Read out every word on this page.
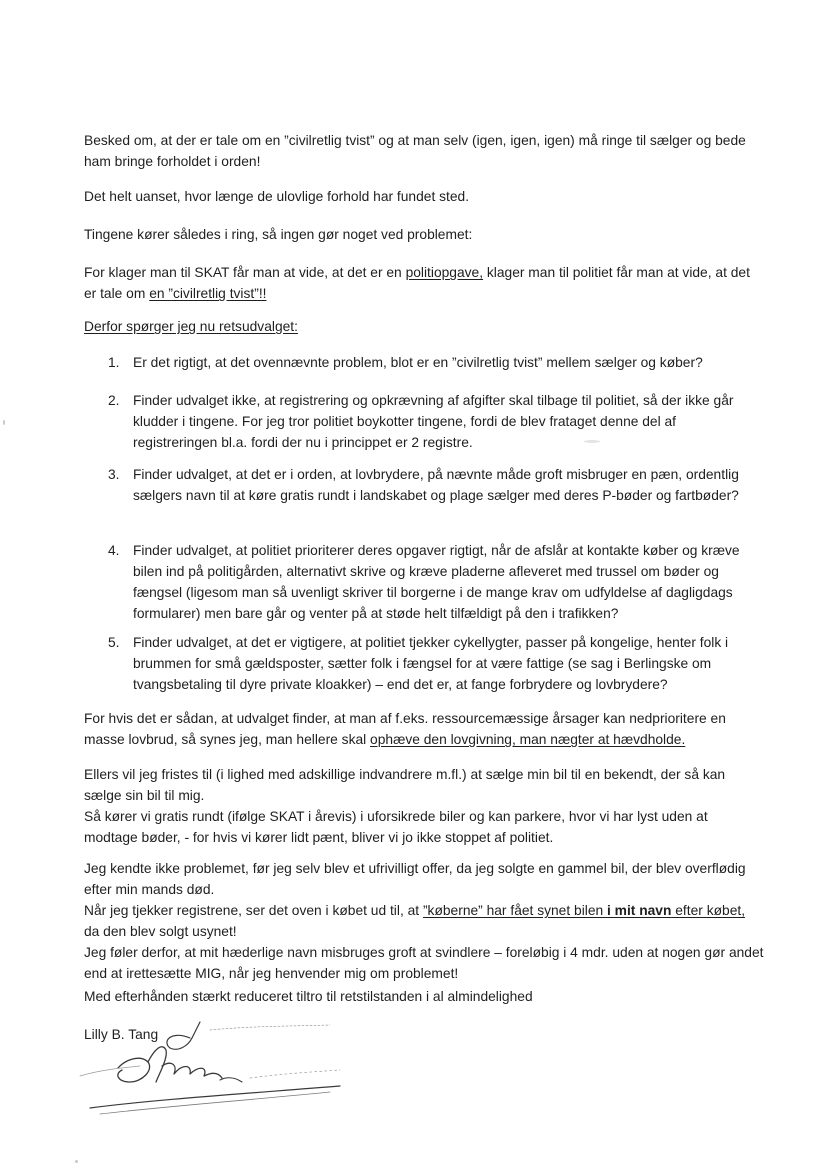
Besked om, at der er tale om en ”civilretlig tvist” og at man selv (igen, igen, igen) må ringe til sælger og bede ham bringe forholdet i orden!

Det helt uanset, hvor længe de ulovlige forhold har fundet sted.

Tingene kører således i ring, så ingen gør noget ved problemet:

For klager man til SKAT får man at vide, at det er en politiopgave, klager man til politiet får man at vide, at det er tale om en ”civilretlig tvist”!!

Derfor spørger jeg nu retsudvalget:

1. Er det rigtigt, at det ovennævnte problem, blot er en ”civilretlig tvist” mellem sælger og køber?
2. Finder udvalget ikke, at registrering og opkrævning af afgifter skal tilbage til politiet, så der ikke går kludder i tingene. For jeg tror politiet boykotter tingene, fordi de blev frataget denne del af registreringen bl.a. fordi der nu i princippet er 2 registre.
3. Finder udvalget, at det er i orden, at lovbrydere, på nævnte måde groft misbruger en pæn, ordentlig sælgers navn til at køre gratis rundt i landskabet og plage sælger med deres P-bøder og fartbøder?
4. Finder udvalget, at politiet prioriterer deres opgaver rigtigt, når de afslår at kontakte køber og kræve bilen ind på politigården, alternativt skrive og kræve pladerne afleveret med trussel om bøder og fængsel (ligesom man så uvenligt skriver til borgerne i de mange krav om udfyldelse af dagligdags formularer) men bare går og venter på at støde helt tilfældigt på den i trafikken?
5. Finder udvalget, at det er vigtigere, at politiet tjekker cykellygter, passer på kongelige, henter folk i brummen for små gældsposter, sætter folk i fængsel for at være fattige (se sag i Berlingske om tvangsbetaling til dyre private kloakker) – end det er, at fange forbrydere og lovbrydere?

For hvis det er sådan, at udvalget finder, at man af f.eks. ressourcemæssige årsager kan nedprioritere en masse lovbrud, så synes jeg, man hellere skal ophæve den lovgivning, man nægter at hævdholde.

Ellers vil jeg fristes til (i lighed med adskillige indvandrere m.fl.) at sælge min bil til en bekendt, der så kan sælge sin bil til mig.
Så kører vi gratis rundt (ifølge SKAT i årevis) i uforsikrede biler og kan parkere, hvor vi har lyst uden at modtage bøder, - for hvis vi kører lidt pænt, bliver vi jo ikke stoppet af politiet.

Jeg kendte ikke problemet, før jeg selv blev et ufrivilligt offer, da jeg solgte en gammel bil, der blev overflødig efter min mands død.
Når jeg tjekker registrene, ser det oven i købet ud til, at ”køberne” har fået synet bilen i mit navn efter købet, da den blev solgt usynet!
Jeg føler derfor, at mit hæderlige navn misbruges groft at svindlere – foreløbig i 4 mdr. uden at nogen gør andet end at irettesætte MIG, når jeg henvender mig om problemet!

Med efterhånden stærkt reduceret tiltro til retstilstanden i al almindelighed

Lilly B. Tang
